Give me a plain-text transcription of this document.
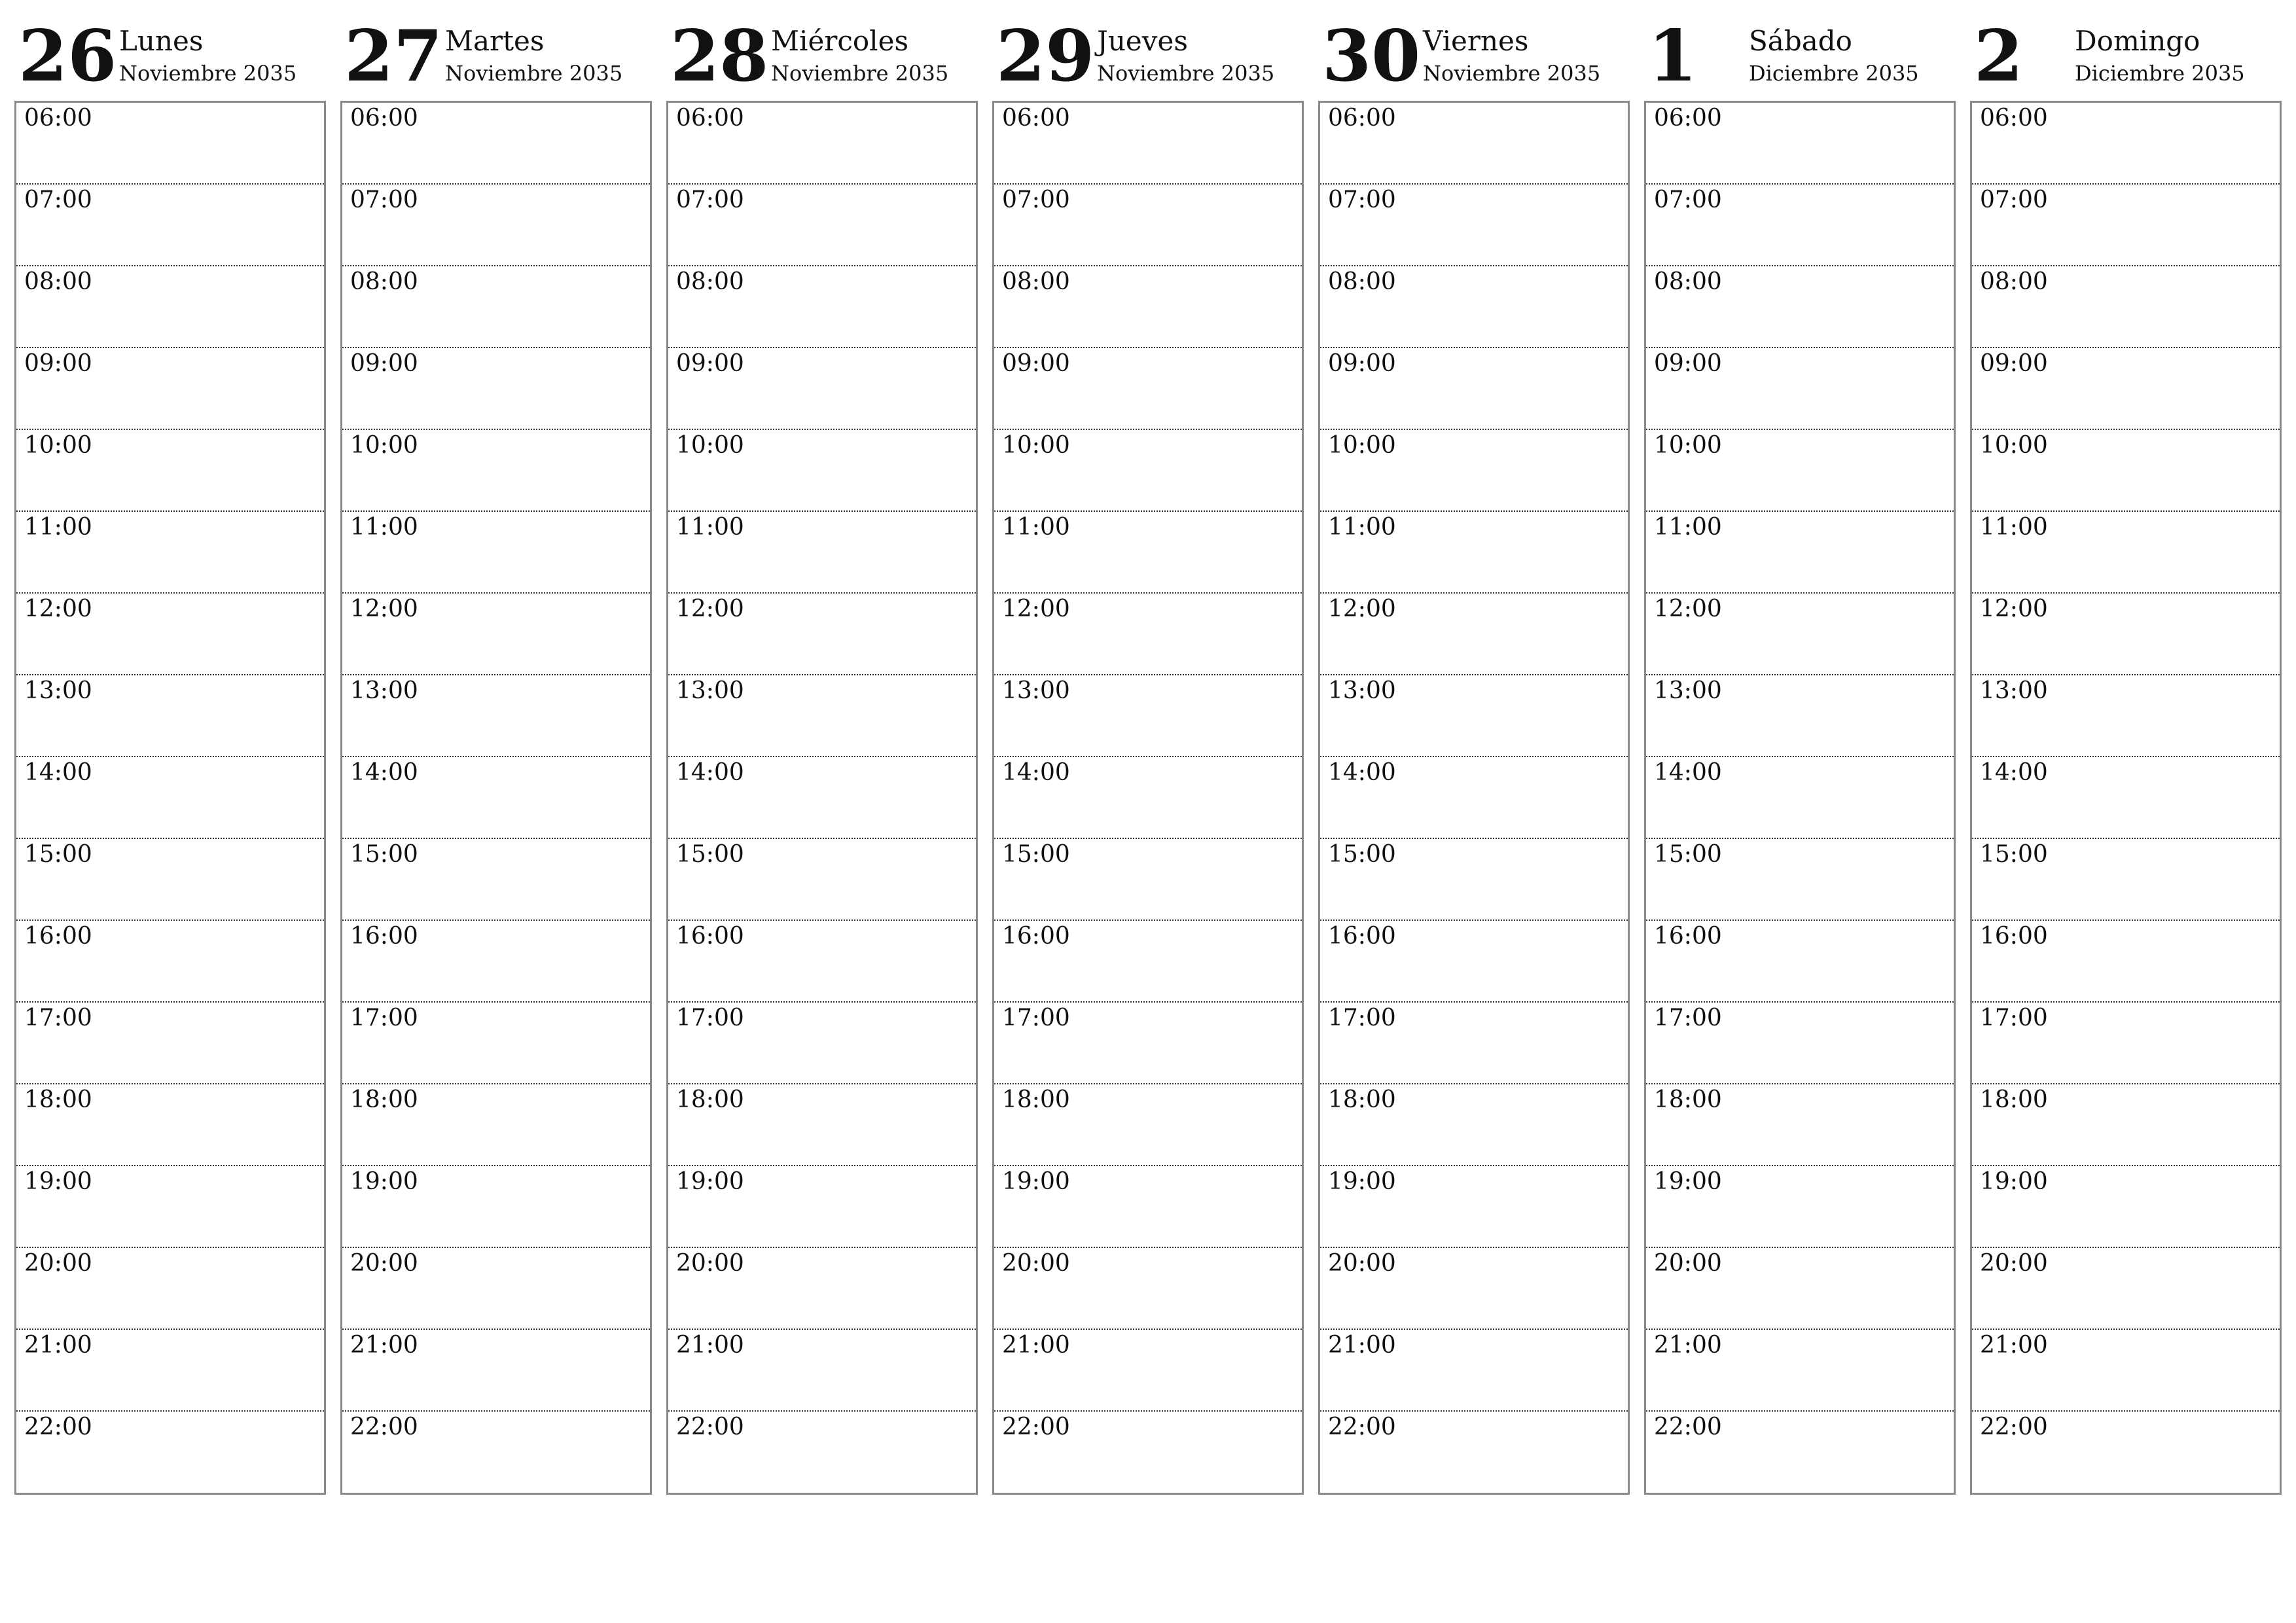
26 Lunes
Noviembre 2035
06:00
07:00
08:00
09:00
10:00
11:00
12:00
13:00
14:00
15:00
16:00
17:00
18:00
19:00
20:00
21:00
22:00
27 Martes
Noviembre 2035
06:00
07:00
08:00
09:00
10:00
11:00
12:00
13:00
14:00
15:00
16:00
17:00
18:00
19:00
20:00
21:00
22:00
28 Miércoles
Noviembre 2035
06:00
07:00
08:00
09:00
10:00
11:00
12:00
13:00
14:00
15:00
16:00
17:00
18:00
19:00
20:00
21:00
22:00
29 Jueves
Noviembre 2035
06:00
07:00
08:00
09:00
10:00
11:00
12:00
13:00
14:00
15:00
16:00
17:00
18:00
19:00
20:00
21:00
22:00
30 Viernes
Noviembre 2035
06:00
07:00
08:00
09:00
10:00
11:00
12:00
13:00
14:00
15:00
16:00
17:00
18:00
19:00
20:00
21:00
22:00
1 Sábado
Diciembre 2035
06:00
07:00
08:00
09:00
10:00
11:00
12:00
13:00
14:00
15:00
16:00
17:00
18:00
19:00
20:00
21:00
22:00
2 Domingo
Diciembre 2035
06:00
07:00
08:00
09:00
10:00
11:00
12:00
13:00
14:00
15:00
16:00
17:00
18:00
19:00
20:00
21:00
22:00
